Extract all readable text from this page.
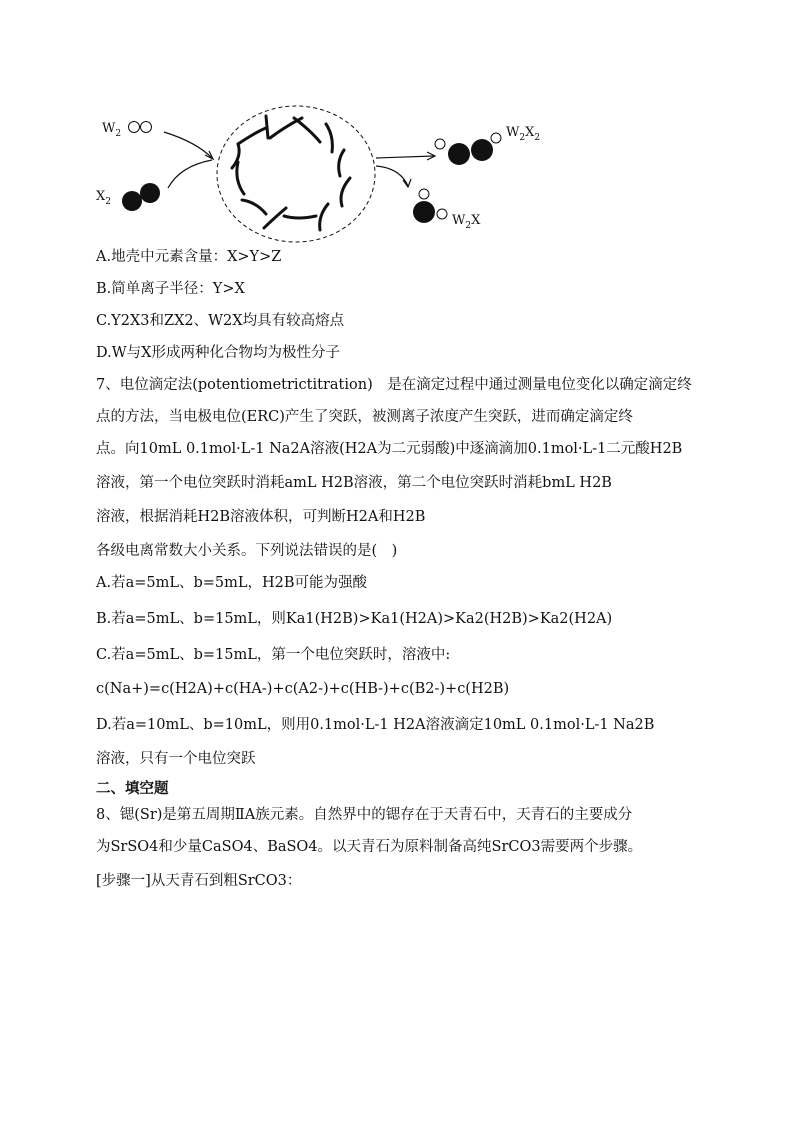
$W_2$
$X_2$
$W_2X_2$
$W_2X$
A.地壳中元素含量：X>Y>Z
B.简单离子半径：Y>X
C.Y2X3和ZX2、W2X均具有较高熔点
D.W与X形成两种化合物均为极性分子
7、电位滴定法(potentiometrictitration)　是在滴定过程中通过测量电位变化以确定滴定终
点的方法，当电极电位(ERC)产生了突跃，被测离子浓度产生突跃，进而确定滴定终
点。向10mL 0.1mol·L-1 Na2A溶液(H2A为二元弱酸)中逐滴滴加0.1mol·L-1二元酸H2B
溶液，第一个电位突跃时消耗amL H2B溶液，第二个电位突跃时消耗bmL H2B
溶液，根据消耗H2B溶液体积，可判断H2A和H2B
各级电离常数大小关系。下列说法错误的是(　)
A.若a=5mL、b=5mL，H2B可能为强酸
B.若a=5mL、b=15mL，则Ka1(H2B)>Ka1(H2A)>Ka2(H2B)>Ka2(H2A)
C.若a=5mL、b=15mL，第一个电位突跃时，溶液中:
c(Na+)=c(H2A)+c(HA-)+c(A2-)+c(HB-)+c(B2-)+c(H2B)
D.若a=10mL、b=10mL，则用0.1mol·L-1 H2A溶液滴定10mL 0.1mol·L-1 Na2B
溶液，只有一个电位突跃
二、填空题
8、锶(Sr)是第五周期ⅡA族元素。自然界中的锶存在于天青石中，天青石的主要成分
为SrSO4和少量CaSO4、BaSO4。以天青石为原料制备高纯SrCO3需要两个步骤。
[步骤一]从天青石到粗SrCO3：
